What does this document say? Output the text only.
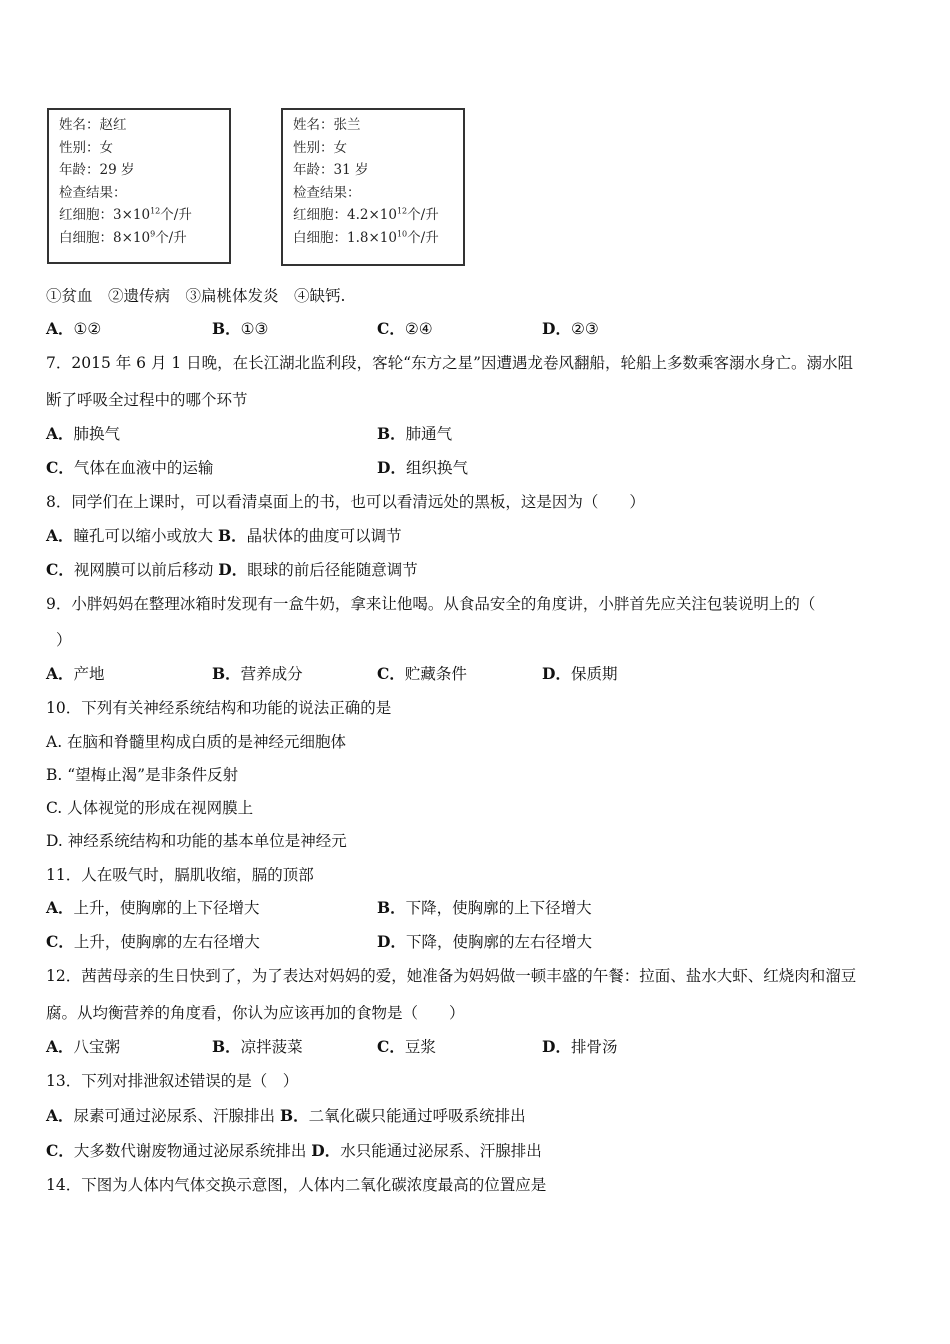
姓名：赵红
性别：女
年龄：29 岁
检查结果：
红细胞：$3\times 10^{12}$个/升
白细胞：$8\times 10^9$个/升
姓名：张兰
性别：女
年龄：31 岁
检查结果：
红细胞：$4.2\times 10^{12}$个/升
白细胞：$1.8\times 10^{10}$个/升
①贫血　②遗传病　③扁桃体发炎　④缺钙.
A．①②	B．①③	C．②④	D．②③
7．2015 年 6 月 1 日晚，在长江湖北监利段，客轮“东方之星”因遭遇龙卷风翻船，轮船上多数乘客溺水身亡。溺水阻
断了呼吸全过程中的哪个环节
A．肺换气	B．肺通气
C．气体在血液中的运输	D．组织换气
8．同学们在上课时，可以看清桌面上的书，也可以看清远处的黑板，这是因为（　　）
A．瞳孔可以缩小或放大 B．晶状体的曲度可以调节
C．视网膜可以前后移动 D．眼球的前后径能随意调节
9．小胖妈妈在整理冰箱时发现有一盒牛奶，拿来让他喝。从食品安全的角度讲，小胖首先应关注包装说明上的（
）
A．产地	B．营养成分	C．贮藏条件	D．保质期
10．下列有关神经系统结构和功能的说法正确的是
A. 在脑和脊髓里构成白质的是神经元细胞体
B. “望梅止渴”是非条件反射
C. 人体视觉的形成在视网膜上
D. 神经系统结构和功能的基本单位是神经元
11．人在吸气时，膈肌收缩，膈的顶部
A．上升，使胸廓的上下径增大	B．下降，使胸廓的上下径增大
C．上升，使胸廓的左右径增大	D．下降，使胸廓的左右径增大
12．茜茜母亲的生日快到了，为了表达对妈妈的爱，她准备为妈妈做一顿丰盛的午餐：拉面、盐水大虾、红烧肉和溜豆
腐。从均衡营养的角度看，你认为应该再加的食物是（　　）
A．八宝粥	B．凉拌菠菜	C．豆浆	D．排骨汤
13．下列对排泄叙述错误的是（　）
A．尿素可通过泌尿系、汗腺排出 B．二氧化碳只能通过呼吸系统排出
C．大多数代谢废物通过泌尿系统排出 D．水只能通过泌尿系、汗腺排出
14．下图为人体内气体交换示意图，人体内二氧化碳浓度最高的位置应是
